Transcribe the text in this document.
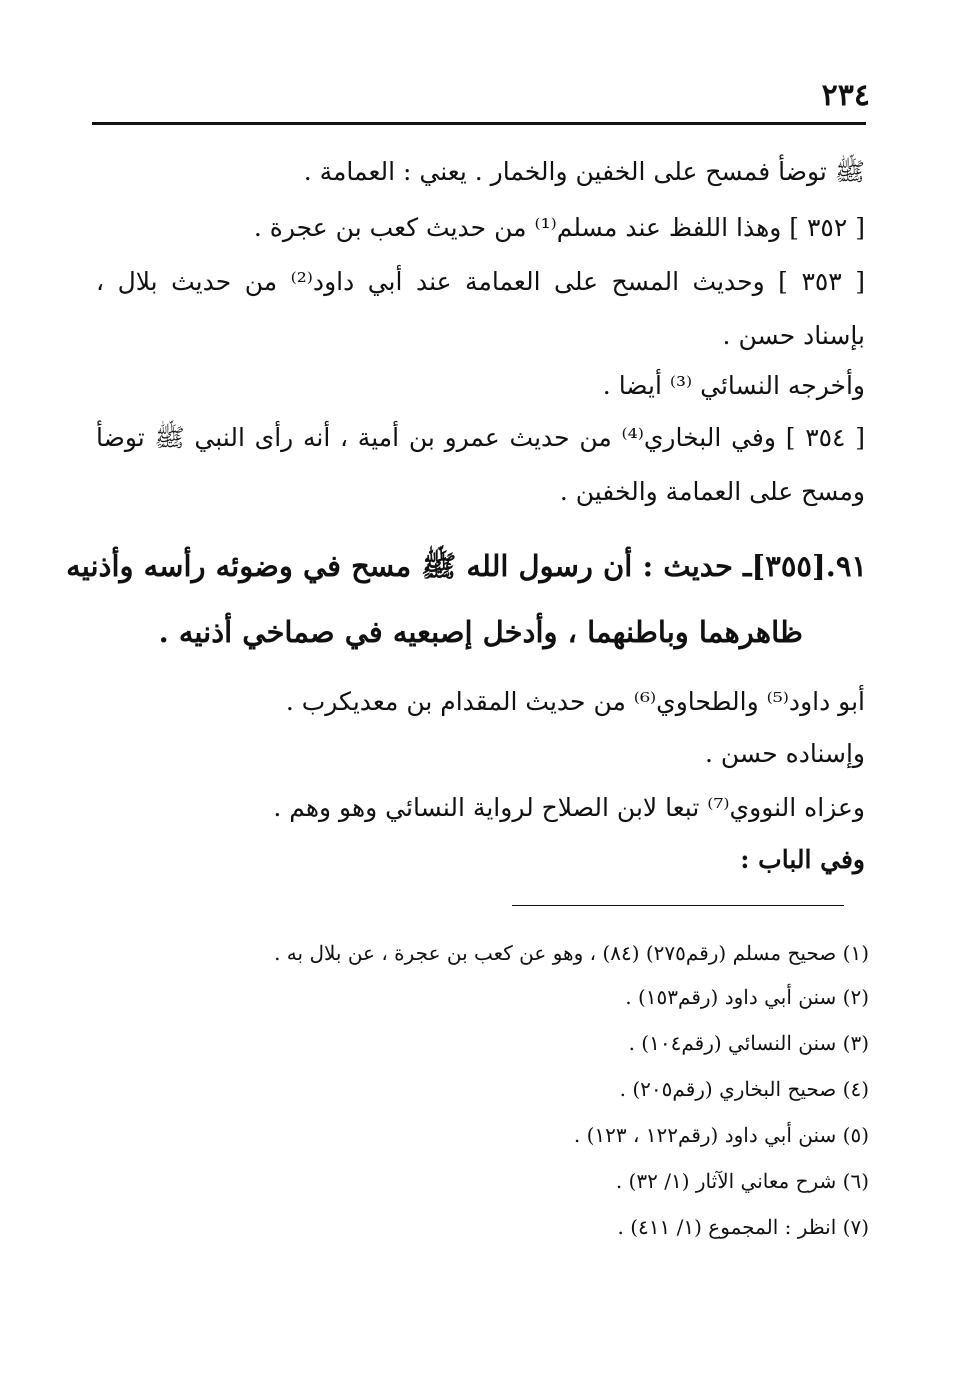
٢٣٤
ﷺ توضأ فمسح على الخفين والخمار . يعني : العمامة .
[ ٣٥٢ ] وهذا اللفظ عند مسلم⁽¹⁾ من حديث كعب بن عجرة .
[ ٣٥٣ ] وحديث المسح على العمامة عند أبي داود⁽²⁾ من حديث بلال ،
بإسناد حسن .
وأخرجه النسائي ⁽³⁾ أيضا .
[ ٣٥٤ ] وفي البخاري⁽⁴⁾ من حديث عمرو بن أمية ، أنه رأى النبي ﷺ توضأ
ومسح على العمامة والخفين .
٩١.[٣٥٥]ـ حديث : أن رسول الله ﷺ مسح في وضوئه رأسه وأذنيه
ظاهرهما وباطنهما ، وأدخل إصبعيه في صماخي أذنيه .
أبو داود⁽⁵⁾ والطحاوي⁽⁶⁾ من حديث المقدام بن معديكرب .
وإسناده حسن .
وعزاه النووي⁽⁷⁾ تبعا لابن الصلاح لرواية النسائي وهو وهم .
وفي الباب :
(١) صحيح مسلم (رقم٢٧٥) (٨٤) ، وهو عن كعب بن عجرة ، عن بلال به .
(٢) سنن أبي داود (رقم١٥٣) .
(٣) سنن النسائي (رقم١٠٤) .
(٤) صحيح البخاري (رقم٢٠٥) .
(٥) سنن أبي داود (رقم١٢٢ ، ١٢٣) .
(٦) شرح معاني الآثار (١/ ٣٢) .
(٧) انظر : المجموع (١/ ٤١١) .
